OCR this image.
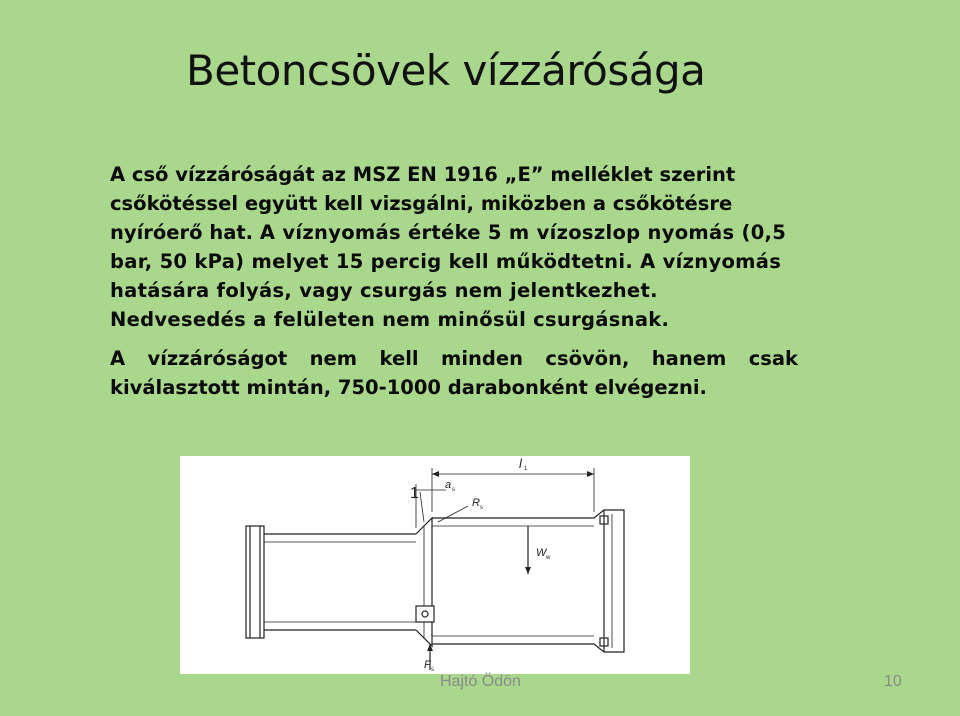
Betoncsövek vízzárósága

A cső vízzáróságát az MSZ EN 1916 „E” melléklet szerint
csőkötéssel együtt kell vizsgálni, miközben a csőkötésre
nyíróerő hat. A víznyomás értéke 5 m vízoszlop nyomás (0,5 bar, 50 kPa) melyet 15 percig kell működtetni. A víznyomás hatására folyás, vagy csurgás nem jelentkezhet. Nedvesedés a felületen nem minősül csurgásnak.

A vízzáróságot nem kell minden csövön, hanem csak kiválasztott mintán, 750-1000 darabonként elvégezni.

1 a s
l 1
R s
W w
F s
Hajtó Ödön	10
